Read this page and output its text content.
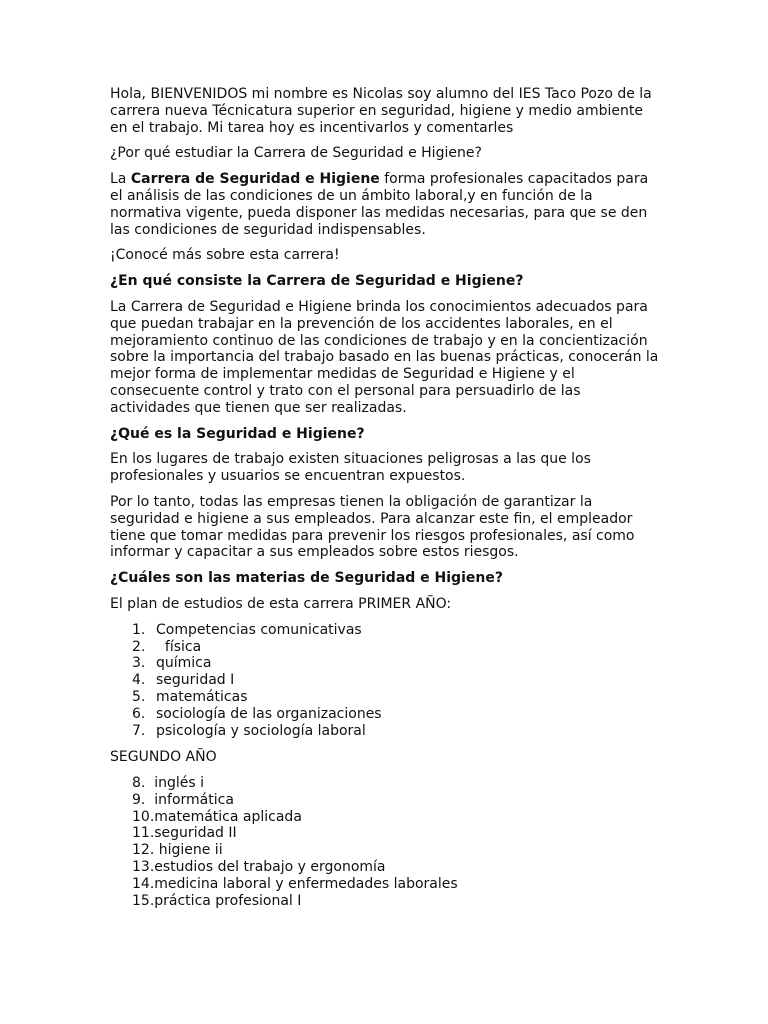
Hola, BIENVENIDOS mi nombre es Nicolas soy alumno del IES Taco Pozo de la carrera nueva Técnicatura superior en seguridad, higiene y medio ambiente en el trabajo. Mi tarea hoy es incentivarlos y comentarles

¿Por qué estudiar la Carrera de Seguridad e Higiene?

La Carrera de Seguridad e Higiene forma profesionales capacitados para el análisis de las condiciones de un ámbito laboral,y en función de la normativa vigente, pueda disponer las medidas necesarias, para que se den las condiciones de seguridad indispensables.

¡Conocé más sobre esta carrera!

¿En qué consiste la Carrera de Seguridad e Higiene?

La Carrera de Seguridad e Higiene brinda los conocimientos adecuados para que puedan trabajar en la prevención de los accidentes laborales, en el mejoramiento continuo de las condiciones de trabajo y en la concientización sobre la importancia del trabajo basado en las buenas prácticas, conocerán la mejor forma de implementar medidas de Seguridad e Higiene y el consecuente control y trato con el personal para persuadirlo de las actividades que tienen que ser realizadas.

¿Qué es la Seguridad e Higiene?

En los lugares de trabajo existen situaciones peligrosas a las que los profesionales y usuarios se encuentran expuestos.

Por lo tanto, todas las empresas tienen la obligación de garantizar la seguridad e higiene a sus empleados. Para alcanzar este fin, el empleador tiene que tomar medidas para prevenir los riesgos profesionales, así como informar y capacitar a sus empleados sobre estos riesgos.

¿Cuáles son las materias de Seguridad e Higiene?

El plan de estudios de esta carrera PRIMER AÑO:

1. Competencias comunicativas
2. física
3. química
4. seguridad I
5. matemáticas
6. sociología de las organizaciones
7. psicología y sociología laboral

SEGUNDO AÑO

8.  inglés i
9.  informática
10.matemática aplicada
11.seguridad II
12. higiene ii
13.estudios del trabajo y ergonomía
14.medicina laboral y enfermedades laborales
15.práctica profesional I
